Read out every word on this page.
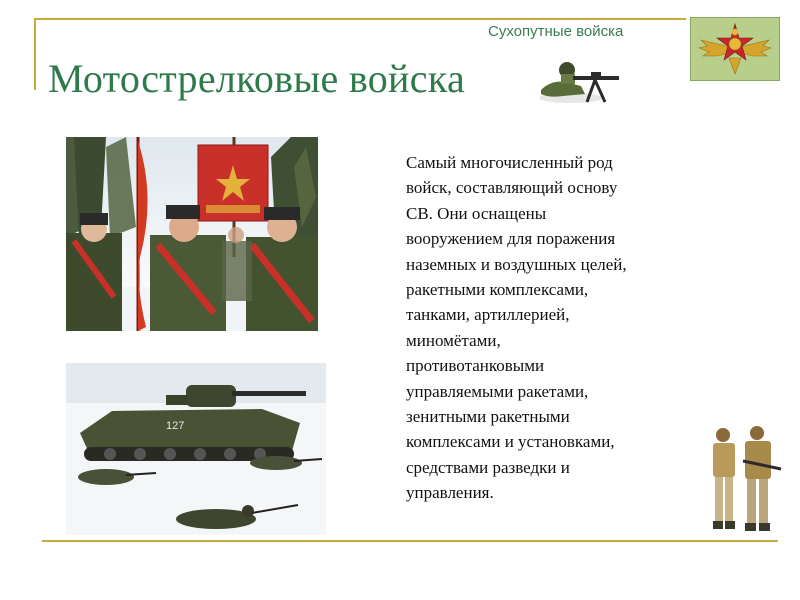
Сухопутные войска
Мотострелковые войска
127
Самый многочисленный род
войск, составляющий основу
СВ. Они оснащены
вооружением для поражения
наземных и воздушных целей,
ракетными комплексами,
танками, артиллерией,
миномётами,
противотанковыми
управляемыми ракетами,
зенитными ракетными
комплексами и установками,
средствами разведки и
управления.
